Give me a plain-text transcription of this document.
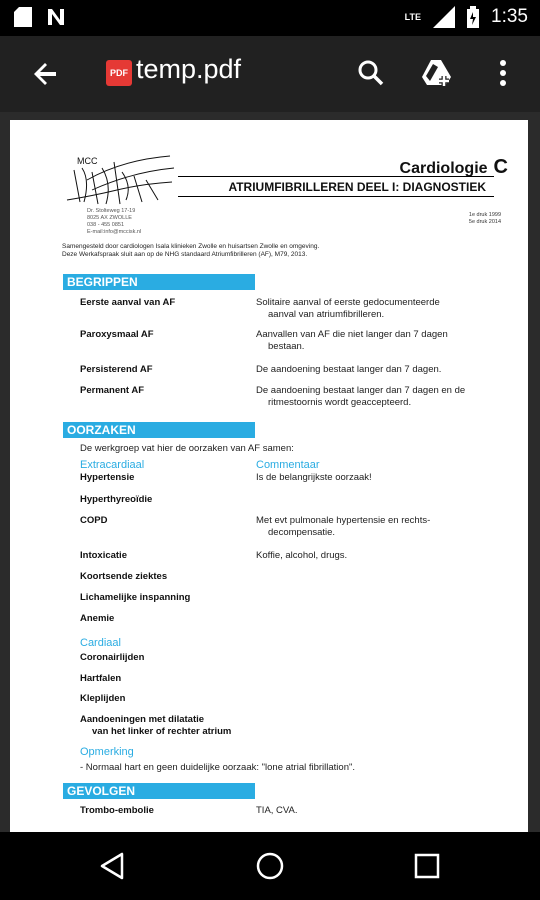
LTE	1:35
PDF temp.pdf
MCC
Dr. Stolteweg 17-19
8025 AX ZWOLLE
038 - 455 0851
E-mail:info@mccisk.nl
Cardiologie C
ATRIUMFIBRILLEREN DEEL I: DIAGNOSTIEK
1e druk 1999
5e druk 2014
Samengesteld door cardiologen Isala klinieken Zwolle en huisartsen Zwolle en omgeving.
Deze Werkafspraak sluit aan op de NHG standaard Atriumfibrilleren (AF), M79, 2013.
BEGRIPPEN
Eerste aanval van AF	Solitaire aanval of eerste gedocumenteerde
aanval van atriumfibrilleren.
Paroxysmaal AF	Aanvallen van AF die niet langer dan 7 dagen
bestaan.
Persisterend AF	De aandoening bestaat langer dan 7 dagen.
Permanent AF	De aandoening bestaat langer dan 7 dagen en de
ritmestoornis wordt geaccepteerd.
OORZAKEN
De werkgroep vat hier de oorzaken van AF samen:
Extracardiaal	Commentaar
Hypertensie	Is de belangrijkste oorzaak!
Hyperthyreoïdie
COPD	Met evt pulmonale hypertensie en rechts-
decompensatie.
Intoxicatie	Koffie, alcohol, drugs.
Koortsende ziektes
Lichamelijke inspanning
Anemie
Cardiaal
Coronairlijden
Hartfalen
Kleplijden
Aandoeningen met dilatatie
van het linker of rechter atrium
Opmerking
- Normaal hart en geen duidelijke oorzaak: "lone atrial fibrillation".
GEVOLGEN
Trombo-embolie	TIA, CVA.
